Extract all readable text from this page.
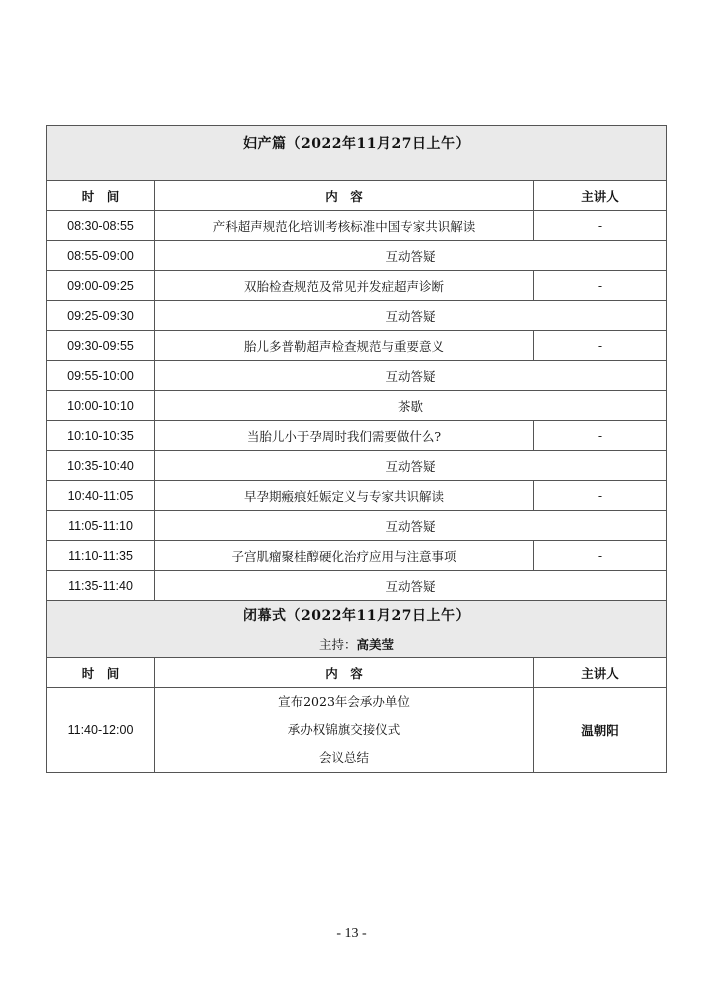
妇产篇（2022年11月27日上午）		

时　间	内　容	主讲人
08:30-08:55	产科超声规范化培训考核标准中国专家共识解读	-
08:55-09:00	互动答疑	
09:00-09:25	双胎检查规范及常见并发症超声诊断	-
09:25-09:30	互动答疑	
09:30-09:55	胎儿多普勒超声检查规范与重要意义	-
09:55-10:00	互动答疑	
10:00-10:10	茶歇	
10:10-10:35	当胎儿小于孕周时我们需要做什么?	-
10:35-10:40	互动答疑	
10:40-11:05	早孕期瘢痕妊娠定义与专家共识解读	-
11:05-11:10	互动答疑	
11:10-11:35	子宫肌瘤聚桂醇硬化治疗应用与注意事项	-
11:35-11:40	互动答疑	

闭幕式（2022年11月27日上午）
主持：高美莹		

时　间	内　容	主讲人
11:40-12:00	宣布2023年会承办单位
承办权锦旗交接仪式
会议总结	温朝阳
- 13 -
